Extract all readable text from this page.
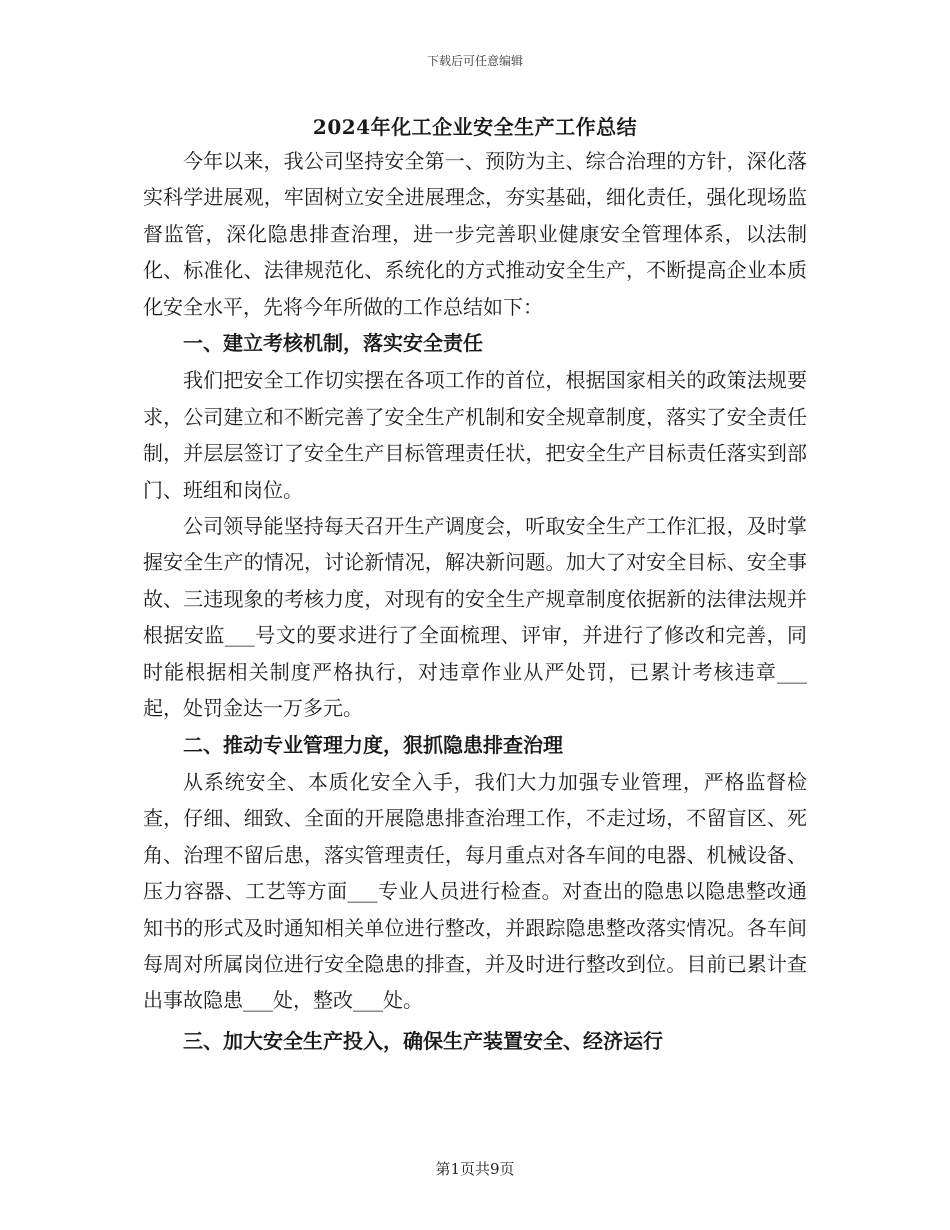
下载后可任意编辑
2024年化工企业安全生产工作总结

今年以来，我公司坚持安全第一、预防为主、综合治理的方针，深化落实科学进展观，牢固树立安全进展理念，夯实基础，细化责任，强化现场监督监管，深化隐患排查治理，进一步完善职业健康安全管理体系，以法制化、标准化、法律规范化、系统化的方式推动安全生产，不断提高企业本质化安全水平，先将今年所做的工作总结如下：

一、建立考核机制，落实安全责任

我们把安全工作切实摆在各项工作的首位，根据国家相关的政策法规要求，公司建立和不断完善了安全生产机制和安全规章制度，落实了安全责任制，并层层签订了安全生产目标管理责任状，把安全生产目标责任落实到部门、班组和岗位。

公司领导能坚持每天召开生产调度会，听取安全生产工作汇报，及时掌握安全生产的情况，讨论新情况，解决新问题。加大了对安全目标、安全事故、三违现象的考核力度，对现有的安全生产规章制度依据新的法律法规并根据安监___号文的要求进行了全面梳理、评审，并进行了修改和完善，同时能根据相关制度严格执行，对违章作业从严处罚，已累计考核违章___起，处罚金达一万多元。

二、推动专业管理力度，狠抓隐患排查治理

从系统安全、本质化安全入手，我们大力加强专业管理，严格监督检查，仔细、细致、全面的开展隐患排查治理工作，不走过场，不留盲区、死角、治理不留后患，落实管理责任，每月重点对各车间的电器、机械设备、压力容器、工艺等方面___专业人员进行检查。对查出的隐患以隐患整改通知书的形式及时通知相关单位进行整改，并跟踪隐患整改落实情况。各车间每周对所属岗位进行安全隐患的排查，并及时进行整改到位。目前已累计查出事故隐患___处，整改___处。

三、加大安全生产投入，确保生产装置安全、经济运行
第1页共9页
